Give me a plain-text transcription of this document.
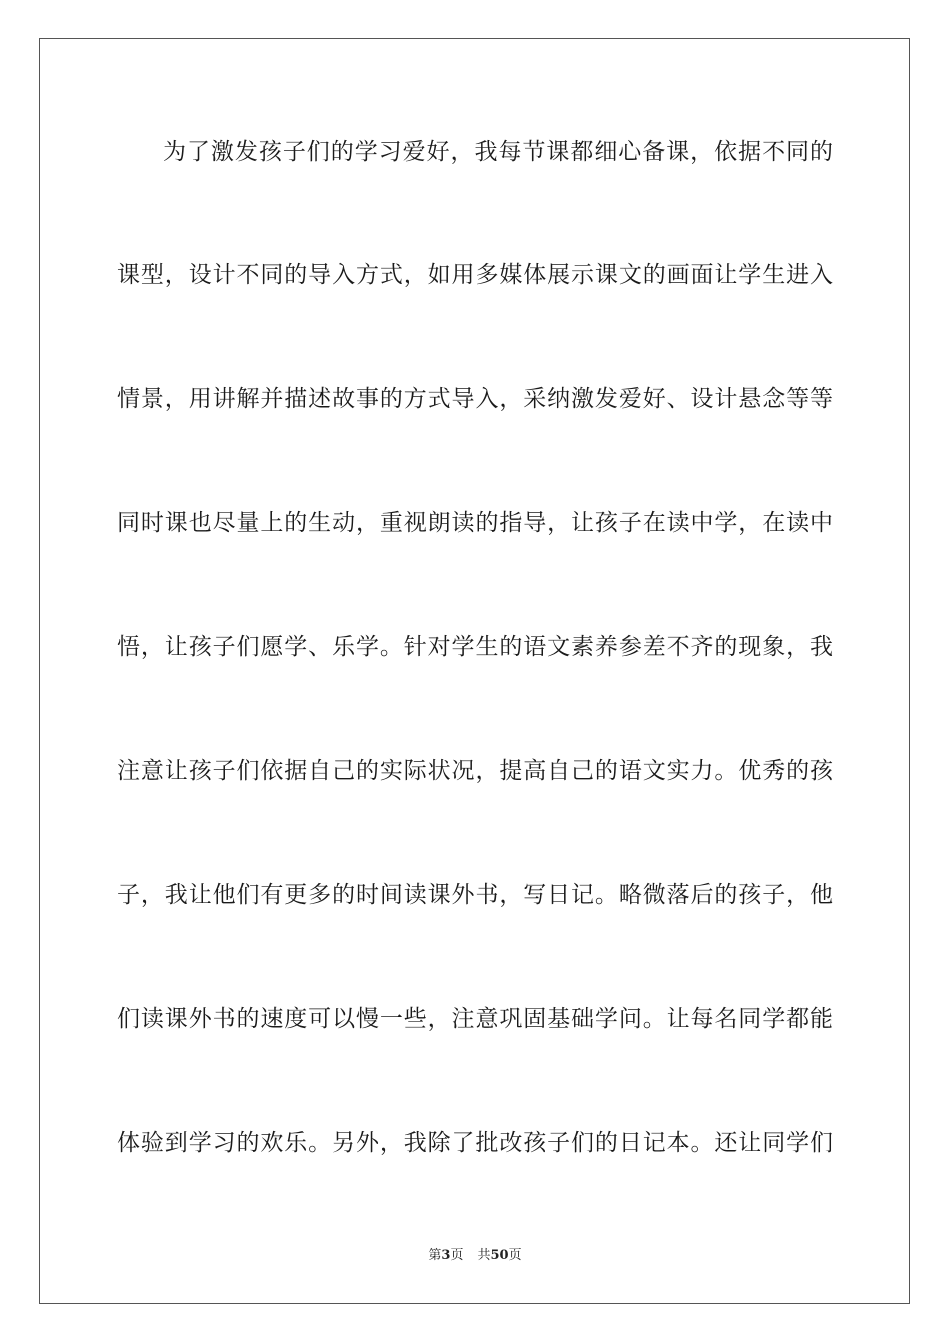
为了激发孩子们的学习爱好，我每节课都细心备课，依据不同的
课型，设计不同的导入方式，如用多媒体展示课文的画面让学生进入
情景，用讲解并描述故事的方式导入，采纳激发爱好、设计悬念等等
同时课也尽量上的生动，重视朗读的指导，让孩子在读中学，在读中
悟，让孩子们愿学、乐学。针对学生的语文素养参差不齐的现象，我
注意让孩子们依据自己的实际状况，提高自己的语文实力。优秀的孩
子，我让他们有更多的时间读课外书，写日记。略微落后的孩子，他
们读课外书的速度可以慢一些，注意巩固基础学问。让每名同学都能
体验到学习的欢乐。另外，我除了批改孩子们的日记本。还让同学们
第3页 共50页
